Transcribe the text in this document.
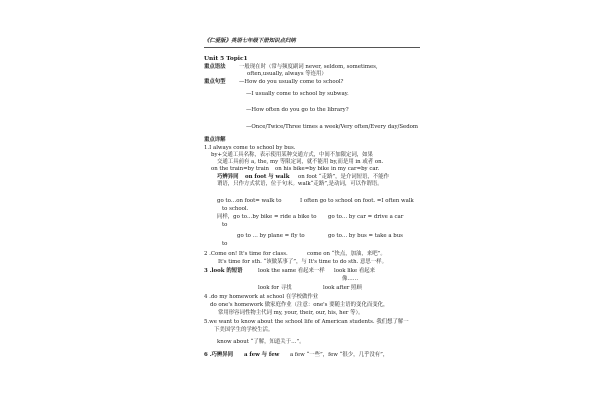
《仁爱版》英语七年级下册知识点归纳
Unit 5 Topic1
重点语法 一般现在时（常与频度副词 never, seldom, sometimes,
often,usually, always 等连用）
重点句型 —How do you usually come to school?
—I usually come to school by subway.
—How often do you go to the library?
—Once/Twice/Three times a week/Very often/Every day/Sedom
重点详解
1.I always come to school by bus.
by+交通工具名称，表示使用某种交通方式，中间不加限定词，如果
交通工具前有 a, the, my 等限定词，就不能用 by,而是用 in 或者 on.
on the train=by train on his bike=by bike in my car=by car.
巧辨异同 on foot 与 walk on foot “走路”，是介词短语，不能作
谓语，只作方式状语，位于句末。walk“走路”,是动词，可以作谓语。
go to…on foot= walk to	I often go to school on foot. =I often walk
to school.
同样，go to…by bike = ride a bike to go to… by car = drive a car
to
go to … by plane = fly to	go to… by bus = take a bus
to
2 .Come on! It's time for class.	come on “快点，加油，来吧”。
It's time for sth. “该做某事了”，与 It's time to do sth. 意思一样。
3 .look 的短语	look the same 看起来一样 look like 看起来
像……
look for 寻找	look after 照顾
4 .do my homework at school 在学校做作业
do one's homework 做家庭作业（注意：one's 要随主语的变化而变化，
常用形容词性物主代词 my, your, their, our, his, her 等）。
5.we want to know about the school life of American students. 我们想了解一
下美国学生的学校生活。
know about “了解，知道关于…”。
6 .巧辨异同 a few 与 few a few “一些”，few “很少，几乎没有”，
